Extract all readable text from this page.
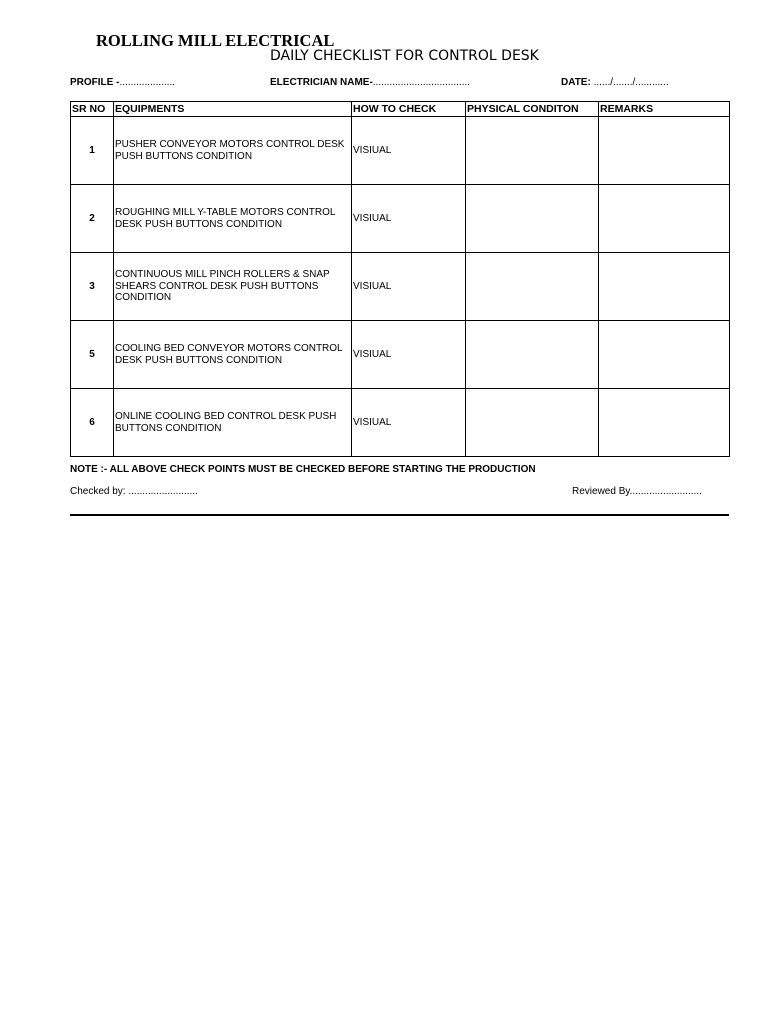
ROLLING MILL ELECTRICAL
DAILY CHECKLIST FOR CONTROL DESK
PROFILE -....................	ELECTRICIAN NAME-...................................	DATE: ....../......./............
SR NO	EQUIPMENTS	HOW TO CHECK	PHYSICAL CONDITON	REMARKS
1	PUSHER CONVEYOR MOTORS CONTROL DESK PUSH BUTTONS CONDITION	VISIUAL		
2	ROUGHING MILL Y-TABLE MOTORS CONTROL DESK PUSH BUTTONS CONDITION	VISIUAL		
3	CONTINUOUS MILL PINCH ROLLERS & SNAP SHEARS CONTROL DESK PUSH BUTTONS CONDITION	VISIUAL		
5	COOLING BED CONVEYOR MOTORS CONTROL DESK PUSH BUTTONS CONDITION	VISIUAL		
6	ONLINE COOLING BED CONTROL DESK PUSH BUTTONS CONDITION	VISIUAL		
NOTE :- ALL ABOVE CHECK POINTS MUST BE CHECKED BEFORE STARTING THE PRODUCTION
Checked by: .........................	Reviewed By..........................
